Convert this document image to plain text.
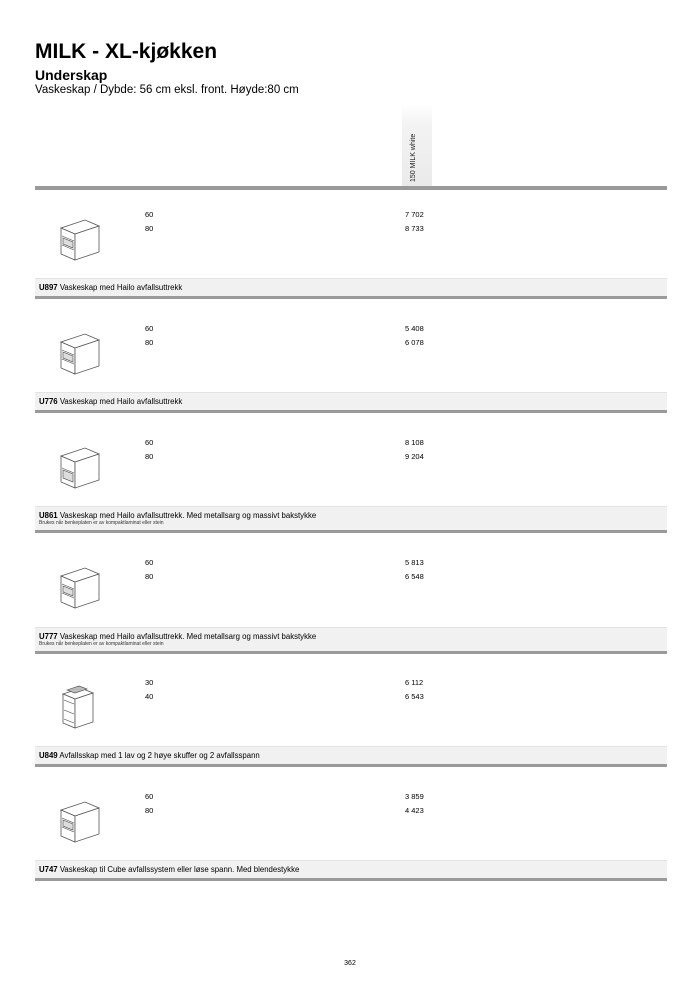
MILK - XL-kjøkken
Underskap

Vaskeskap / Dybde: 56 cm eksl. front. Høyde:80 cm

150 MILK white
60
80
7 702
8 733
U897 Vaskeskap med Hailo avfallsuttrekk
60
80
5 408
6 078
U776 Vaskeskap med Hailo avfallsuttrekk
60
80
8 108
9 204
U861 Vaskeskap med Hailo avfallsuttrekk. Med metallsarg og massivt bakstykke
Brukes når benkeplaten er av kompaktlaminat eller stein
60
80
5 813
6 548
U777 Vaskeskap med Hailo avfallsuttrekk. Med metallsarg og massivt bakstykke
Brukes når benkeplaten er av kompaktlaminat eller stein
30
40
6 112
6 543
U849 Avfallsskap med 1 lav og 2 høye skuffer og 2 avfallsspann
60
80
3 859
4 423
U747 Vaskeskap til Cube avfallssystem eller løse spann. Med blendestykke
362
